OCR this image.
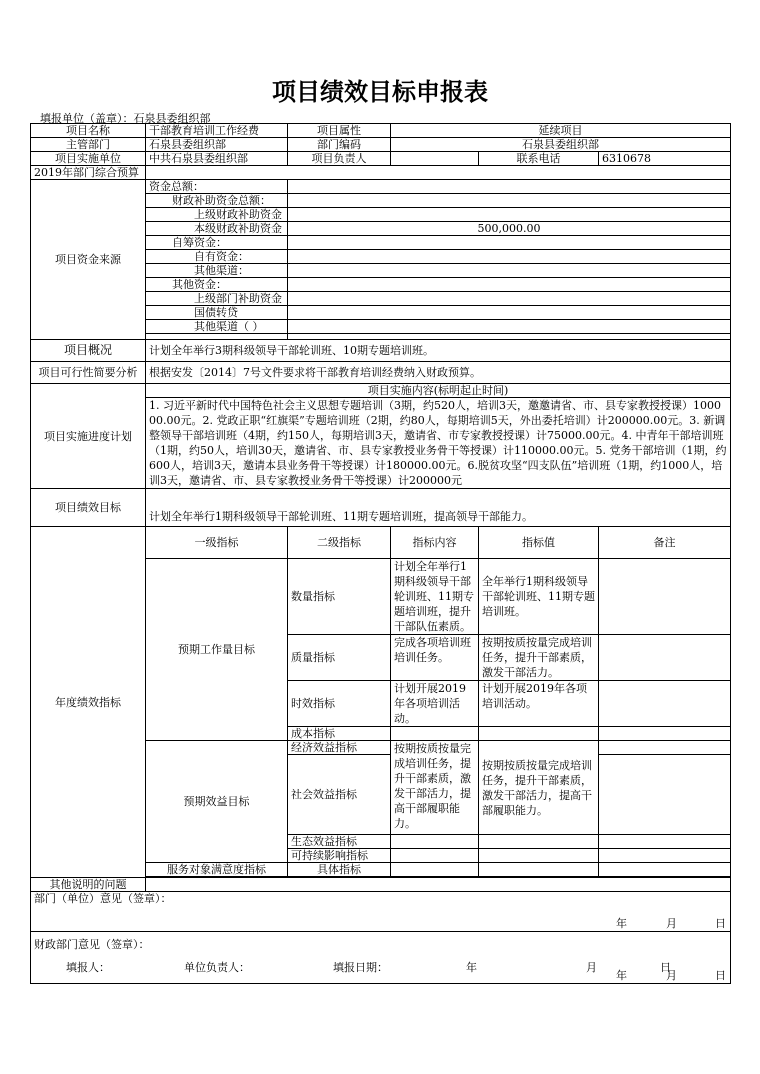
项目绩效目标申报表
填报单位（盖章）：石泉县委组织部
项目名称	干部教育培训工作经费	项目属性	延续项目		
主管部门	石泉县委组织部	部门编码	石泉县委组织部		
项目实施单位	中共石泉县委组织部	项目负责人		联系电话	6310678
2019年部门综合预算					
项目资金来源	资金总额：				
	财政补助资金总额：				
	上级财政补助资金				
	本级财政补助资金	500,000.00			
	自筹资金：				
	自有资金：				
	其他渠道：				
	其他资金：				
	上级部门补助资金				
	国债转贷				
	其他渠道（ ）				

项目概况	计划全年举行3期科级领导干部轮训班、10期专题培训班。				
项目可行性简要分析	根据安发〔2014〕7号文件要求将干部教育培训经费纳入财政预算。				
项目实施进度计划	项目实施内容(标明起止时间)				
	1. 习近平新时代中国特色社会主义思想专题培训（3期，约520人，培训3天，邀邀请省、市、县专家教授授课）100000.00元。2. 党政正职“红旗渠”专题培训班（2期，约80人，每期培训5天，外出委托培训）计200000.00元。3. 新调整领导干部培训班（4期，约150人，每期培训3天，邀请省、市专家教授授课）计75000.00元。4. 中青年干部培训班（1期，约50人，培训30天，邀请省、市、县专家教授业务骨干等授课）计110000.00元。5. 党务干部培训（1期，约600人，培训3天，邀请本县业务骨干等授课）计180000.00元。6.脱贫攻坚“四支队伍”培训班（1期，约1000人，培训3天，邀请省、市、县专家教授业务骨干等授课）计200000元				
项目绩效目标					
	计划全年举行1期科级领导干部轮训班、11期专题培训班，提高领导干部能力。				
年度绩效指标	一级指标	二级指标	指标内容	指标值	备注
	预期工作量目标	数量指标	计划全年举行1期科级领导干部轮训班、11期专题培训班，提升干部队伍素质。	全年举行1期科级领导干部轮训班、11期专题培训班。	
		质量指标	完成各项培训班培训任务。	按期按质按量完成培训任务，提升干部素质，激发干部活力。	
		时效指标	计划开展2019年各项培训活动。	计划开展2019年各项培训活动。	
		成本指标			
	预期效益目标	经济效益指标	按期按质按量完成培训任务，提升干部素质，激发干部活力，提高干部履职能力。	按期按质按量完成培训任务，提升干部素质，激发干部活力，提高干部履职能力。	
		社会效益指标			
		生态效益指标			
		可持续影响指标			
	服务对象满意度指标	具体指标			

其他说明的问题					

部门（单位）意见（签章）：
年 月 日					

财政部门意见（签章）：
年 月 日					
填报人：	单位负责人：	填报日期：	年	月	日
